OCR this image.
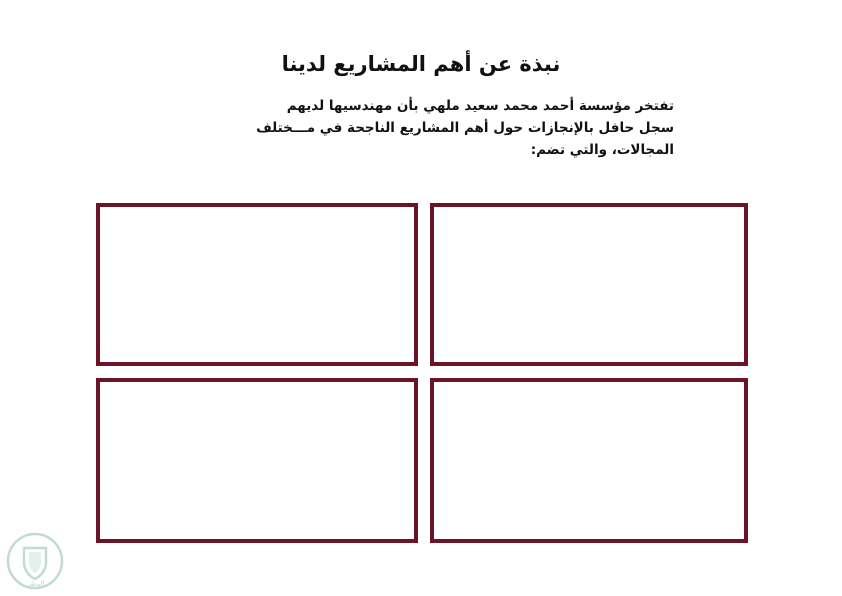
نبذة عن أهم المشاريع لدينا

تفتخر مؤسسة أحمد محمد سعيد ملهي بأن مهندسيها لديهم

سجل حافل بالإنجازات حول أهم المشاريع الناجحة في مـــختلف

المجالات، والتي تضم:

الوطن
